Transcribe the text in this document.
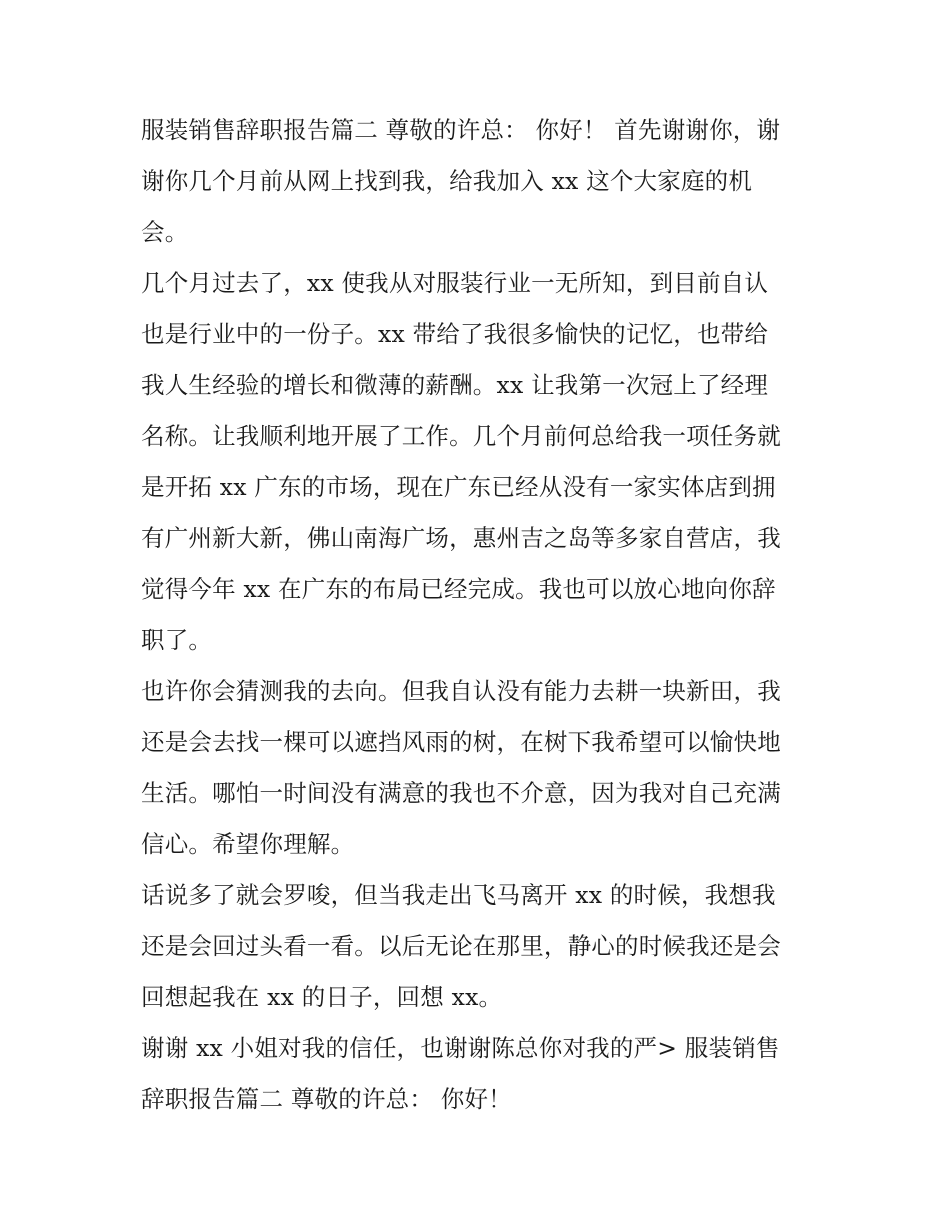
服装销售辞职报告篇二 尊敬的许总： 你好！ 首先谢谢你，谢
谢你几个月前从网上找到我，给我加入 xx 这个大家庭的机
会。
几个月过去了，xx 使我从对服装行业一无所知，到目前自认
也是行业中的一份子。xx 带给了我很多愉快的记忆，也带给
我人生经验的增长和微薄的薪酬。xx 让我第一次冠上了经理
名称。让我顺利地开展了工作。几个月前何总给我一项任务就
是开拓 xx 广东的市场，现在广东已经从没有一家实体店到拥
有广州新大新，佛山南海广场，惠州吉之岛等多家自营店，我
觉得今年 xx 在广东的布局已经完成。我也可以放心地向你辞
职了。
也许你会猜测我的去向。但我自认没有能力去耕一块新田，我
还是会去找一棵可以遮挡风雨的树，在树下我希望可以愉快地
生活。哪怕一时间没有满意的我也不介意，因为我对自己充满
信心。希望你理解。
话说多了就会罗唆，但当我走出飞马离开 xx 的时候，我想我
还是会回过头看一看。以后无论在那里，静心的时候我还是会
回想起我在 xx 的日子，回想 xx。
谢谢 xx 小姐对我的信任，也谢谢陈总你对我的严> 服装销售
辞职报告篇二 尊敬的许总： 你好！
